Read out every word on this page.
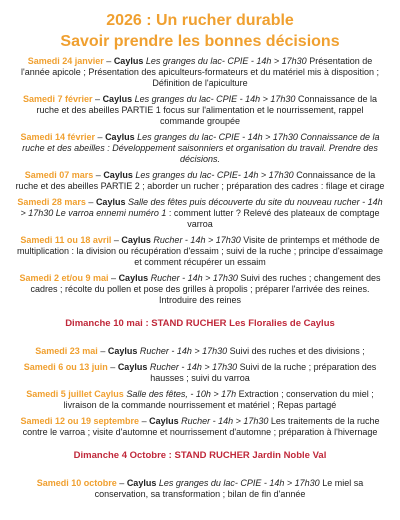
2026 : Un rucher durable

Savoir prendre les bonnes décisions

Samedi 24 janvier – Caylus Les granges du lac- CPIE - 14h > 17h30 Présentation de l'année apicole ; Présentation des apiculteurs-formateurs et du matériel mis à disposition ; Définition de l'apiculture

Samedi 7 février – Caylus Les granges du lac- CPIE - 14h > 17h30 Connaissance de la ruche et des abeilles PARTIE 1 focus sur l'alimentation et le nourrissement, rappel commande groupée

Samedi 14 février – Caylus Les granges du lac- CPIE - 14h > 17h30 Connaissance de la ruche et des abeilles : Développement saisonniers et organisation du travail. Prendre des décisions.

Samedi 07 mars – Caylus Les granges du lac- CPIE- 14h > 17h30 Connaissance de la ruche et des abeilles PARTIE 2 ; aborder un rucher ; préparation des cadres : filage et cirage

Samedi 28 mars – Caylus Salle des fêtes puis découverte du site du nouveau rucher - 14h > 17h30 Le varroa ennemi numéro 1 : comment lutter ? Relevé des plateaux de comptage varroa

Samedi 11 ou 18 avril – Caylus Rucher - 14h > 17h30 Visite de printemps et méthode de multiplication : la division ou récupération d'essaim ; suivi de la ruche ; principe d'essaimage et comment récupérer un essaim

Samedi 2 et/ou 9 mai – Caylus Rucher - 14h > 17h30 Suivi des ruches ; changement des cadres ; récolte du pollen et pose des grilles à propolis ; préparer l'arrivée des reines. Introduire des reines

Dimanche 10 mai : STAND RUCHER Les Floralies de Caylus

Samedi 23 mai – Caylus Rucher - 14h > 17h30 Suivi des ruches et des divisions ;

Samedi 6 ou 13 juin – Caylus Rucher - 14h > 17h30 Suivi de la ruche ; préparation des hausses ; suivi du varroa

Samedi 5 juillet Caylus Salle des fêtes, - 10h > 17h Extraction ; conservation du miel ; livraison de la commande nourrissement et matériel ; Repas partagé

Samedi 12 ou 19 septembre – Caylus Rucher - 14h > 17h30 Les traitements de la ruche contre le varroa ; visite d'automne et nourrissement d'automne ; préparation à l'hivernage

Dimanche 4 Octobre : STAND RUCHER Jardin Noble Val

Samedi 10 octobre – Caylus Les granges du lac- CPIE - 14h > 17h30 Le miel sa conservation, sa transformation ; bilan de fin d'année
